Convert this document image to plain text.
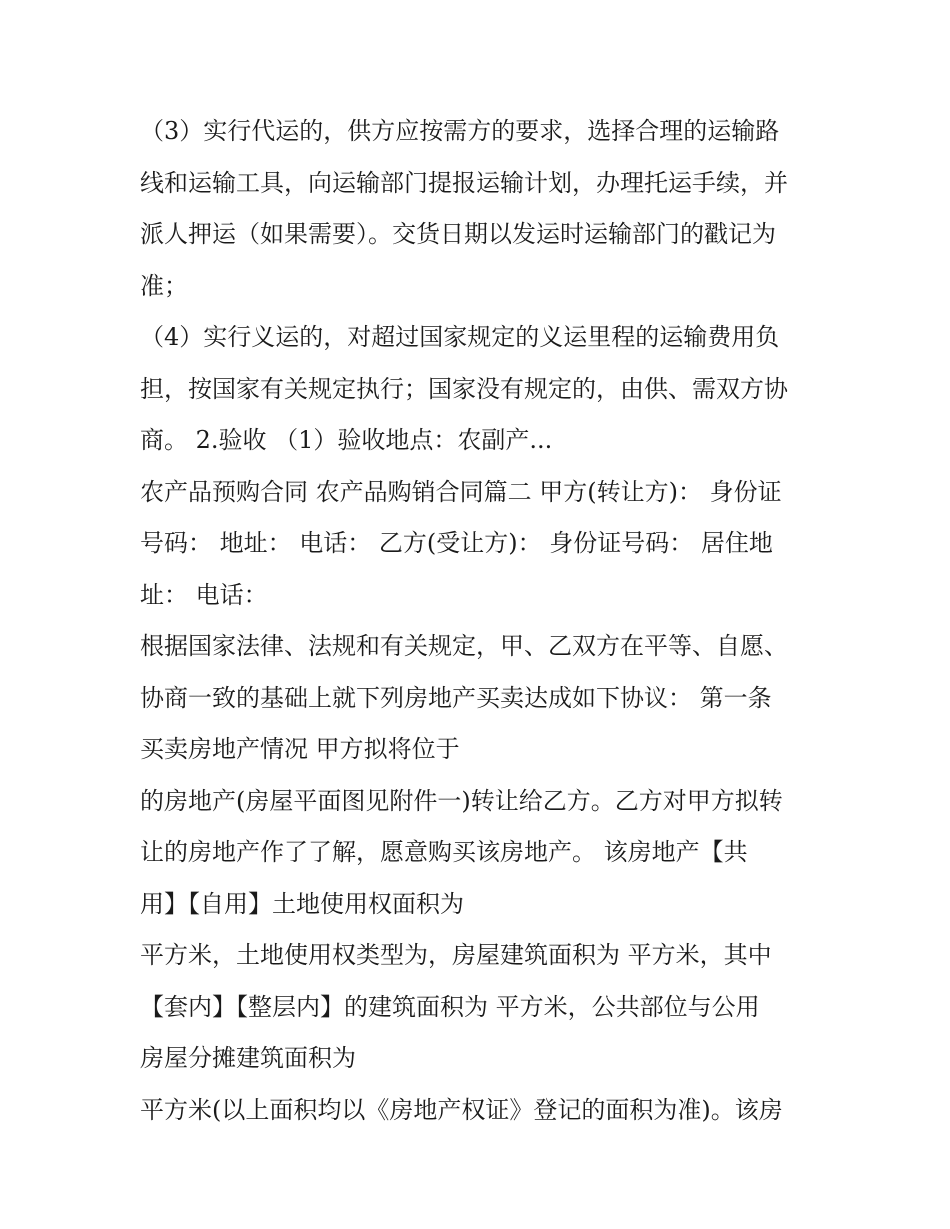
（3）实行代运的，供方应按需方的要求，选择合理的运输路
线和运输工具，向运输部门提报运输计划，办理托运手续，并
派人押运（如果需要）。交货日期以发运时运输部门的戳记为
准；
（4）实行义运的，对超过国家规定的义运里程的运输费用负
担，按国家有关规定执行；国家没有规定的，由供、需双方协
商。 2.验收 （1）验收地点：农副产...
农产品预购合同 农产品购销合同篇二 甲方(转让方)： 身份证
号码： 地址： 电话： 乙方(受让方)： 身份证号码： 居住地
址： 电话：
根据国家法律、法规和有关规定，甲、乙双方在平等、自愿、
协商一致的基础上就下列房地产买卖达成如下协议： 第一条
买卖房地产情况 甲方拟将位于
的房地产(房屋平面图见附件一)转让给乙方。乙方对甲方拟转
让的房地产作了了解，愿意购买该房地产。 该房地产【共
用】【自用】土地使用权面积为
平方米，土地使用权类型为，房屋建筑面积为 平方米，其中
【套内】【整层内】的建筑面积为 平方米，公共部位与公用
房屋分摊建筑面积为
平方米(以上面积均以《房地产权证》登记的面积为准)。该房
